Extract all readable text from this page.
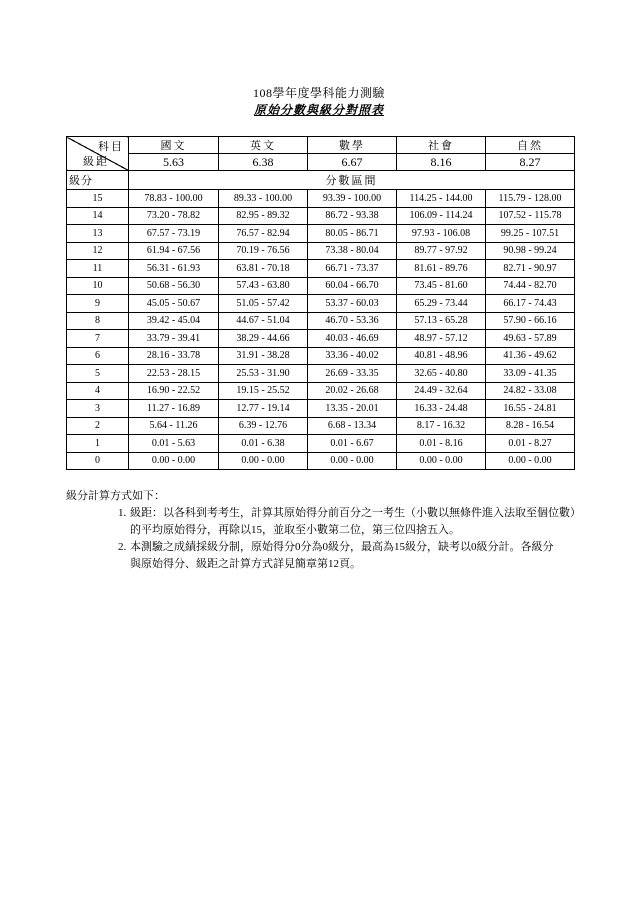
108學年度學科能力測驗
原始分數與級分對照表
科目
級距	國文	英文	數學	社會	自然
	5.63	6.38	6.67	8.16	8.27
級分	分數區間				
15	78.83 - 100.00	89.33 - 100.00	93.39 - 100.00	114.25 - 144.00	115.79 - 128.00
14	73.20 - 78.82	82.95 - 89.32	86.72 - 93.38	106.09 - 114.24	107.52 - 115.78
13	67.57 - 73.19	76.57 - 82.94	80.05 - 86.71	97.93 - 106.08	99.25 - 107.51
12	61.94 - 67.56	70.19 - 76.56	73.38 - 80.04	89.77 - 97.92	90.98 - 99.24
11	56.31 - 61.93	63.81 - 70.18	66.71 - 73.37	81.61 - 89.76	82.71 - 90.97
10	50.68 - 56.30	57.43 - 63.80	60.04 - 66.70	73.45 - 81.60	74.44 - 82.70
9	45.05 - 50.67	51.05 - 57.42	53.37 - 60.03	65.29 - 73.44	66.17 - 74.43
8	39.42 - 45.04	44.67 - 51.04	46.70 - 53.36	57.13 - 65.28	57.90 - 66.16
7	33.79 - 39.41	38.29 - 44.66	40.03 - 46.69	48.97 - 57.12	49.63 - 57.89
6	28.16 - 33.78	31.91 - 38.28	33.36 - 40.02	40.81 - 48.96	41.36 - 49.62
5	22.53 - 28.15	25.53 - 31.90	26.69 - 33.35	32.65 - 40.80	33.09 - 41.35
4	16.90 - 22.52	19.15 - 25.52	20.02 - 26.68	24.49 - 32.64	24.82 - 33.08
3	11.27 - 16.89	12.77 - 19.14	13.35 - 20.01	16.33 - 24.48	16.55 - 24.81
2	5.64 - 11.26	6.39 - 12.76	6.68 - 13.34	8.17 - 16.32	8.28 - 16.54
1	0.01 - 5.63	0.01 - 6.38	0.01 - 6.67	0.01 - 8.16	0.01 - 8.27
0	0.00 - 0.00	0.00 - 0.00	0.00 - 0.00	0.00 - 0.00	0.00 - 0.00
級分計算方式如下：
1. 級距：以各科到考考生，計算其原始得分前百分之一考生（小數以無條件進入法取至個位數）
的平均原始得分，再除以15，並取至小數第二位，第三位四捨五入。
2. 本測驗之成績採級分制，原始得分0分為0級分，最高為15級分，缺考以0級分計。各級分
與原始得分、級距之計算方式詳見簡章第12頁。
